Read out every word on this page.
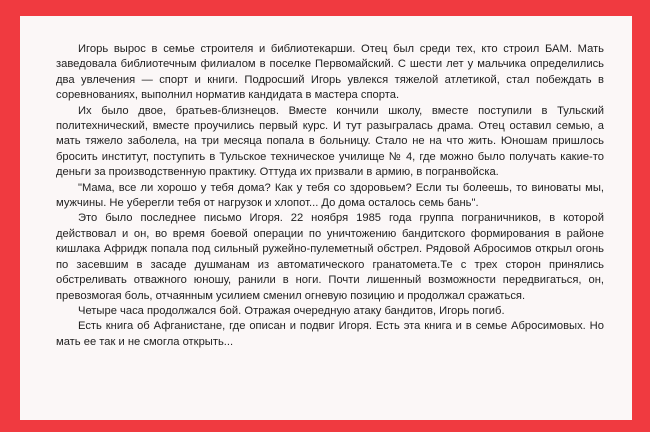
Игорь вырос в семье строителя и библиотекарши. Отец был среди тех, кто строил БАМ. Мать заведовала библиотечным филиалом в поселке Первомайский. С шести лет у мальчика определились два увлечения — спорт и книги. Подросший Игорь увлекся тяжелой атлетикой, стал побеждать в соревнованиях, выполнил норматив кандидата в мастера спорта.

Их было двое, братьев-близнецов. Вместе кончили школу, вместе поступили в Тульский политехнический, вместе проучились первый курс. И тут разыгралась драма. Отец оставил семью, а мать тяжело заболела, на три месяца попала в больницу. Стало не на что жить. Юношам пришлось бросить институт, поступить в Тульское техническое училище № 4, где можно было получать какие-то деньги за производственную практику. Оттуда их призвали в армию, в погранвойска.

"Мама, все ли хорошо у тебя дома? Как у тебя со здоровьем? Если ты болеешь, то виноваты мы, мужчины. Не уберегли тебя от нагрузок и хлопот... До дома осталось семь бань".

Это было последнее письмо Игоря. 22 ноября 1985 года группа пограничников, в которой действовал и он, во время боевой операции по уничтожению бандитского формирования в районе кишлака Афридж попала под сильный ружейно-пулеметный обстрел. Рядовой Абросимов открыл огонь по засевшим в засаде душманам из автоматического гранатомета.Те с трех сторон принялись обстреливать отважного юношу, ранили в ноги. Почти лишенный возможности передвигаться, он, превозмогая боль, отчаянным усилием сменил огневую позицию и продолжал сражаться.

Четыре часа продолжался бой. Отражая очередную атаку бандитов, Игорь погиб.

Есть книга об Афганистане, где описан и подвиг Игоря. Есть эта книга и в семье Абросимовых. Но мать ее так и не смогла открыть...
